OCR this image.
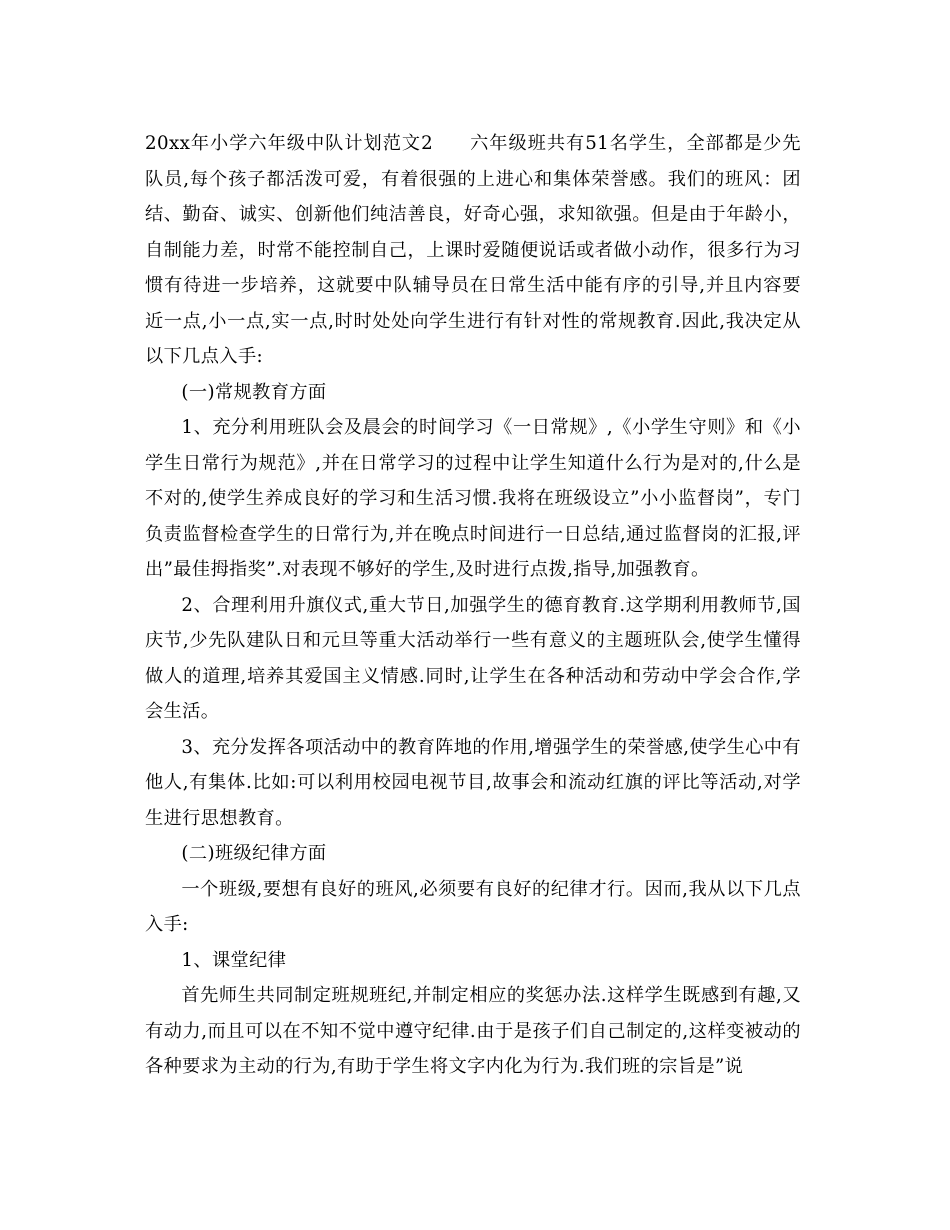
20xx年小学六年级中队计划范文2 六年级班共有51名学生，全部都是少先队员,每个孩子都活泼可爱，有着很强的上进心和集体荣誉感。我们的班风：团结、勤奋、诚实、创新他们纯洁善良，好奇心强，求知欲强。但是由于年龄小，自制能力差，时常不能控制自己，上课时爱随便说话或者做小动作，很多行为习惯有待进一步培养，这就要中队辅导员在日常生活中能有序的引导,并且内容要近一点,小一点,实一点,时时处处向学生进行有针对性的常规教育.因此,我决定从以下几点入手:

(一)常规教育方面

1、充分利用班队会及晨会的时间学习《一日常规》,《小学生守则》和《小学生日常行为规范》,并在日常学习的过程中让学生知道什么行为是对的,什么是不对的,使学生养成良好的学习和生活习惯.我将在班级设立”小小监督岗”，专门负责监督检查学生的日常行为,并在晚点时间进行一日总结,通过监督岗的汇报,评出”最佳拇指奖”.对表现不够好的学生,及时进行点拨,指导,加强教育。

2、合理利用升旗仪式,重大节日,加强学生的德育教育.这学期利用教师节,国庆节,少先队建队日和元旦等重大活动举行一些有意义的主题班队会,使学生懂得做人的道理,培养其爱国主义情感.同时,让学生在各种活动和劳动中学会合作,学会生活。

3、充分发挥各项活动中的教育阵地的作用,增强学生的荣誉感,使学生心中有他人,有集体.比如:可以利用校园电视节目,故事会和流动红旗的评比等活动,对学生进行思想教育。

(二)班级纪律方面

一个班级,要想有良好的班风,必须要有良好的纪律才行。因而,我从以下几点入手:

1、课堂纪律

首先师生共同制定班规班纪,并制定相应的奖惩办法.这样学生既感到有趣,又有动力,而且可以在不知不觉中遵守纪律.由于是孩子们自己制定的,这样变被动的各种要求为主动的行为,有助于学生将文字内化为行为.我们班的宗旨是”说
